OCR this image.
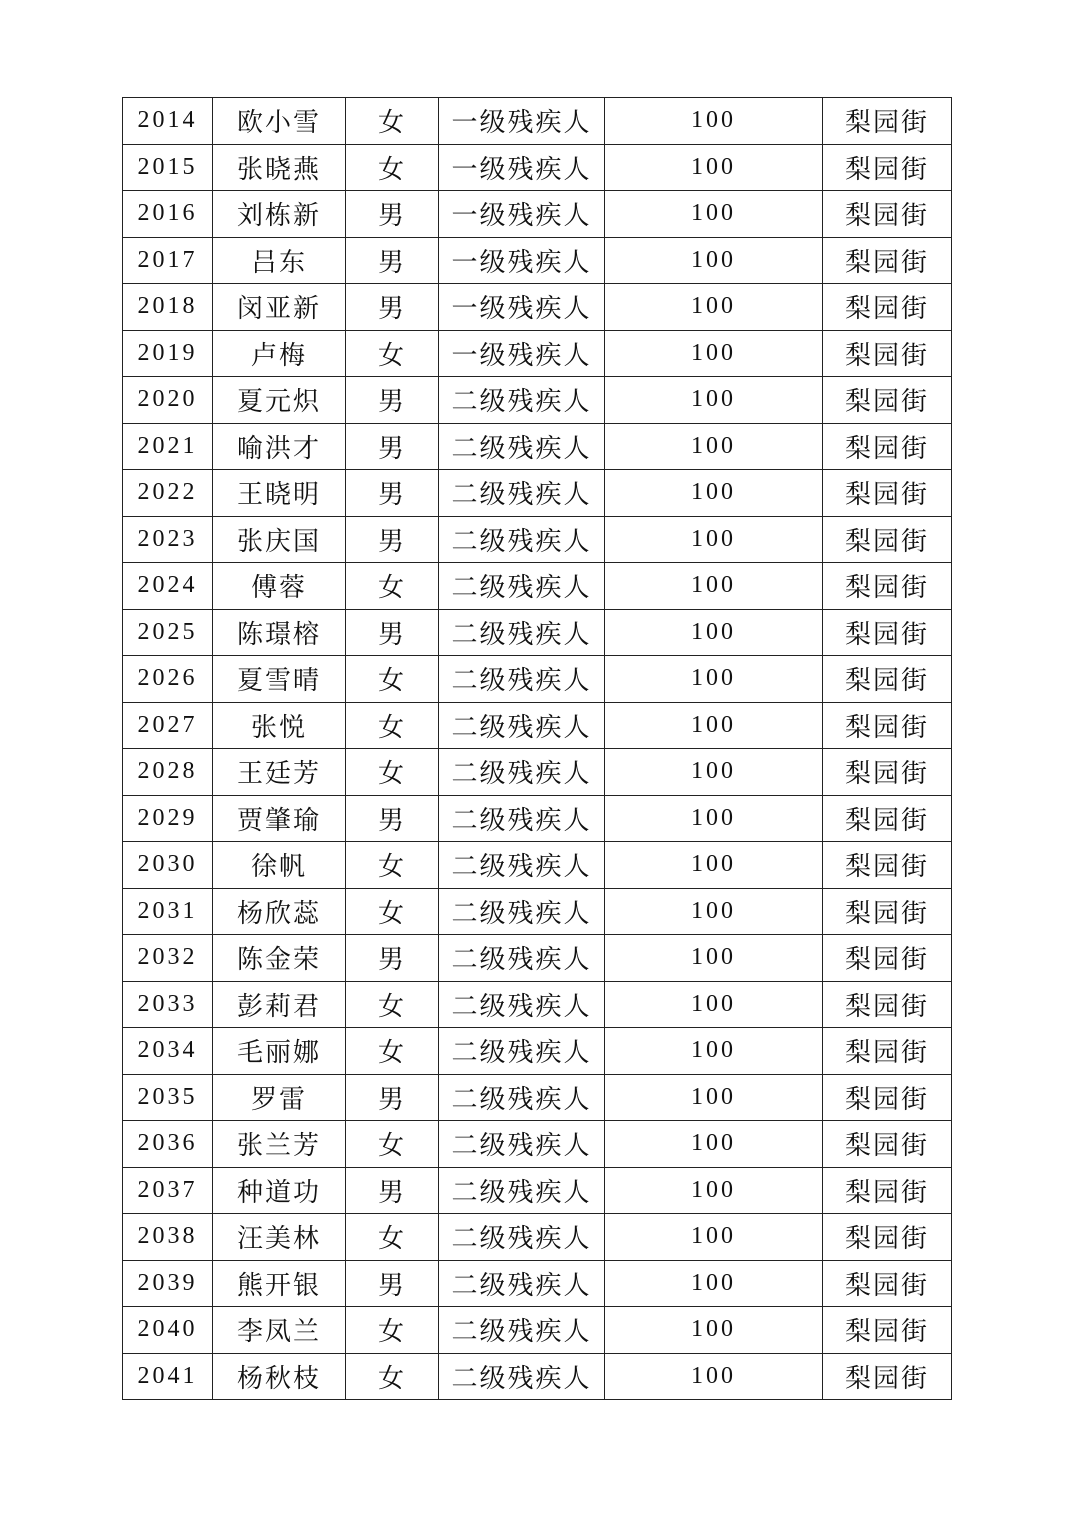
2014	欧小雪	女	一级残疾人	100	梨园街
2015	张晓燕	女	一级残疾人	100	梨园街
2016	刘栋新	男	一级残疾人	100	梨园街
2017	吕东	男	一级残疾人	100	梨园街
2018	闵亚新	男	一级残疾人	100	梨园街
2019	卢梅	女	一级残疾人	100	梨园街
2020	夏元炽	男	二级残疾人	100	梨园街
2021	喻洪才	男	二级残疾人	100	梨园街
2022	王晓明	男	二级残疾人	100	梨园街
2023	张庆国	男	二级残疾人	100	梨园街
2024	傅蓉	女	二级残疾人	100	梨园街
2025	陈璟榕	男	二级残疾人	100	梨园街
2026	夏雪晴	女	二级残疾人	100	梨园街
2027	张悦	女	二级残疾人	100	梨园街
2028	王廷芳	女	二级残疾人	100	梨园街
2029	贾肇瑜	男	二级残疾人	100	梨园街
2030	徐帆	女	二级残疾人	100	梨园街
2031	杨欣蕊	女	二级残疾人	100	梨园街
2032	陈金荣	男	二级残疾人	100	梨园街
2033	彭莉君	女	二级残疾人	100	梨园街
2034	毛丽娜	女	二级残疾人	100	梨园街
2035	罗雷	男	二级残疾人	100	梨园街
2036	张兰芳	女	二级残疾人	100	梨园街
2037	种道功	男	二级残疾人	100	梨园街
2038	汪美林	女	二级残疾人	100	梨园街
2039	熊开银	男	二级残疾人	100	梨园街
2040	李凤兰	女	二级残疾人	100	梨园街
2041	杨秋枝	女	二级残疾人	100	梨园街
